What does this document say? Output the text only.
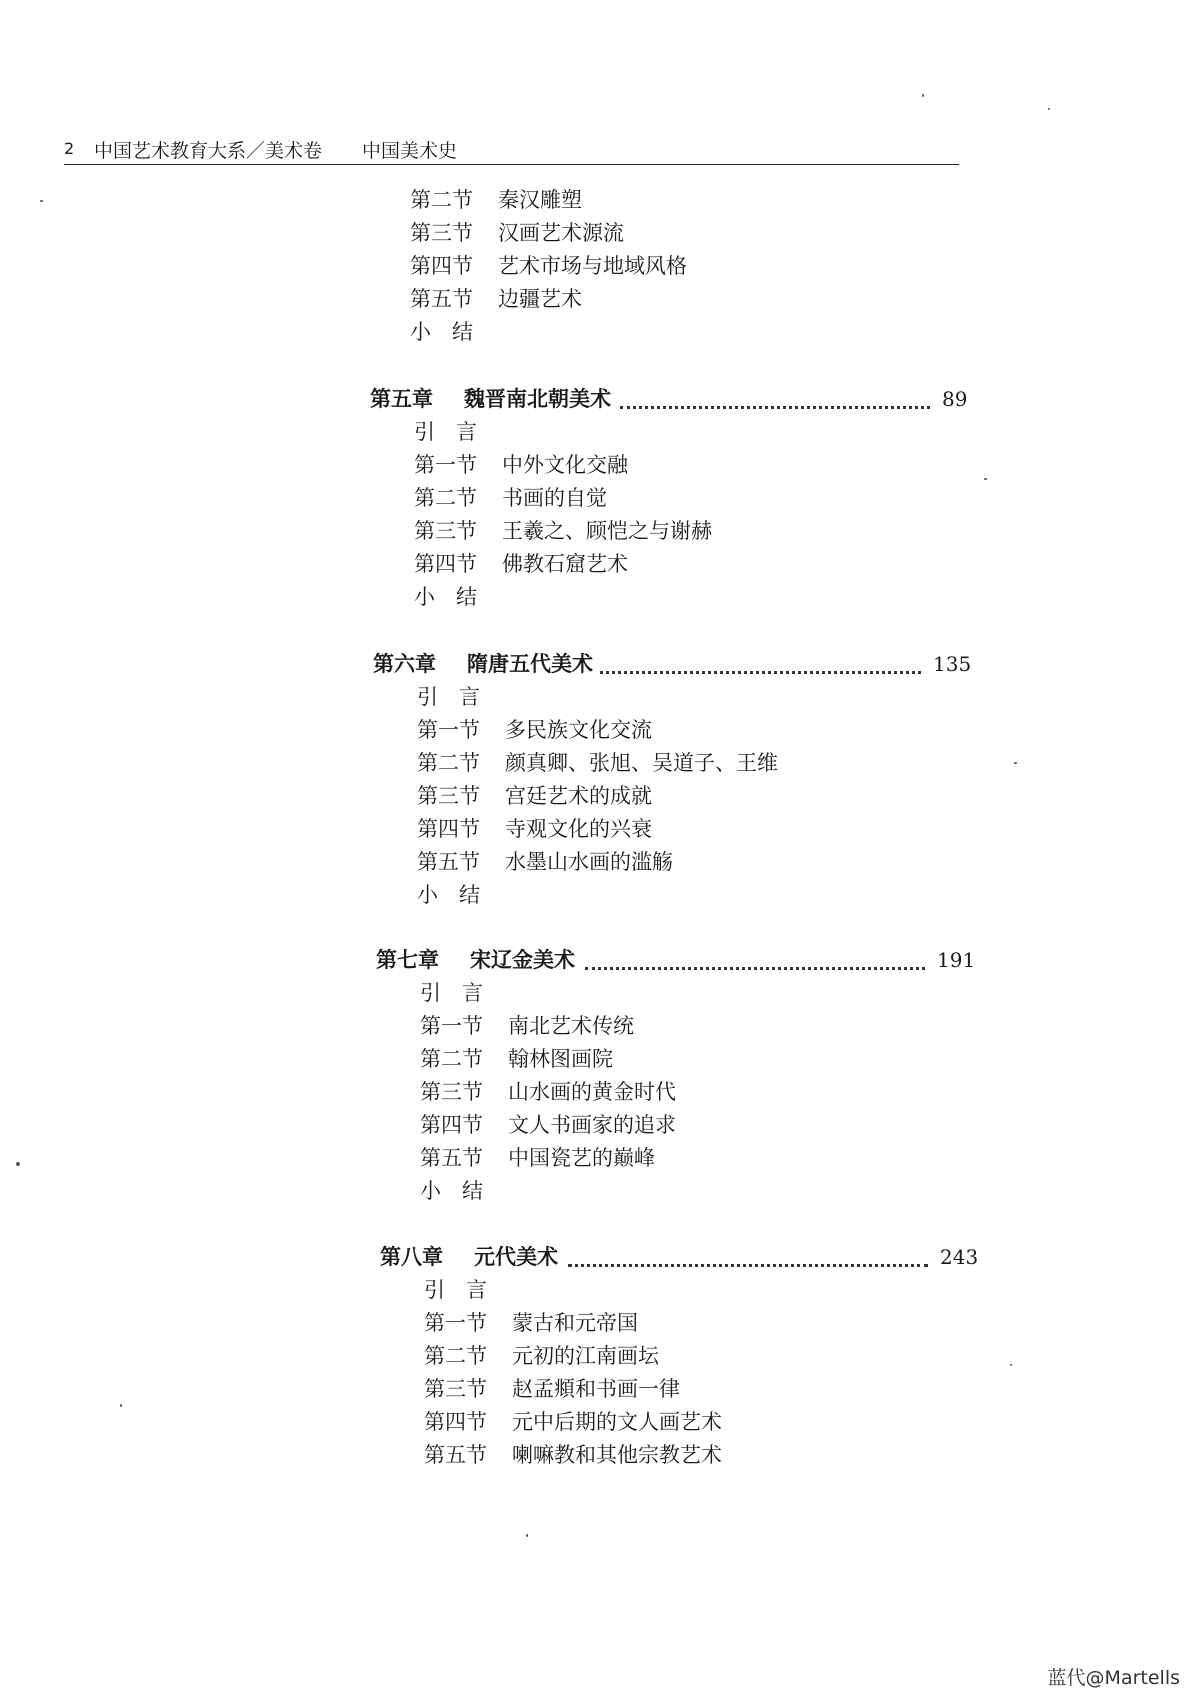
2 中国艺术教育大系／美术卷 中国美术史
第二节 秦汉雕塑
第三节 汉画艺术源流
第四节 艺术市场与地域风格
第五节 边疆艺术
小　结
第五章 魏晋南北朝美术	89
引　言
第一节 中外文化交融
第二节 书画的自觉
第三节 王羲之、顾恺之与谢赫
第四节 佛教石窟艺术
小　结
第六章 隋唐五代美术	135
引　言
第一节 多民族文化交流
第二节 颜真卿、张旭、吴道子、王维
第三节 宫廷艺术的成就
第四节 寺观文化的兴衰
第五节 水墨山水画的滥觞
小　结
第七章 宋辽金美术	191
引　言
第一节 南北艺术传统
第二节 翰林图画院
第三节 山水画的黄金时代
第四节 文人书画家的追求
第五节 中国瓷艺的巅峰
小　结
第八章 元代美术	243
引　言
第一节 蒙古和元帝国
第二节 元初的江南画坛
第三节 赵孟頫和书画一律
第四节 元中后期的文人画艺术
第五节 喇嘛教和其他宗教艺术
蓝代@Martells
